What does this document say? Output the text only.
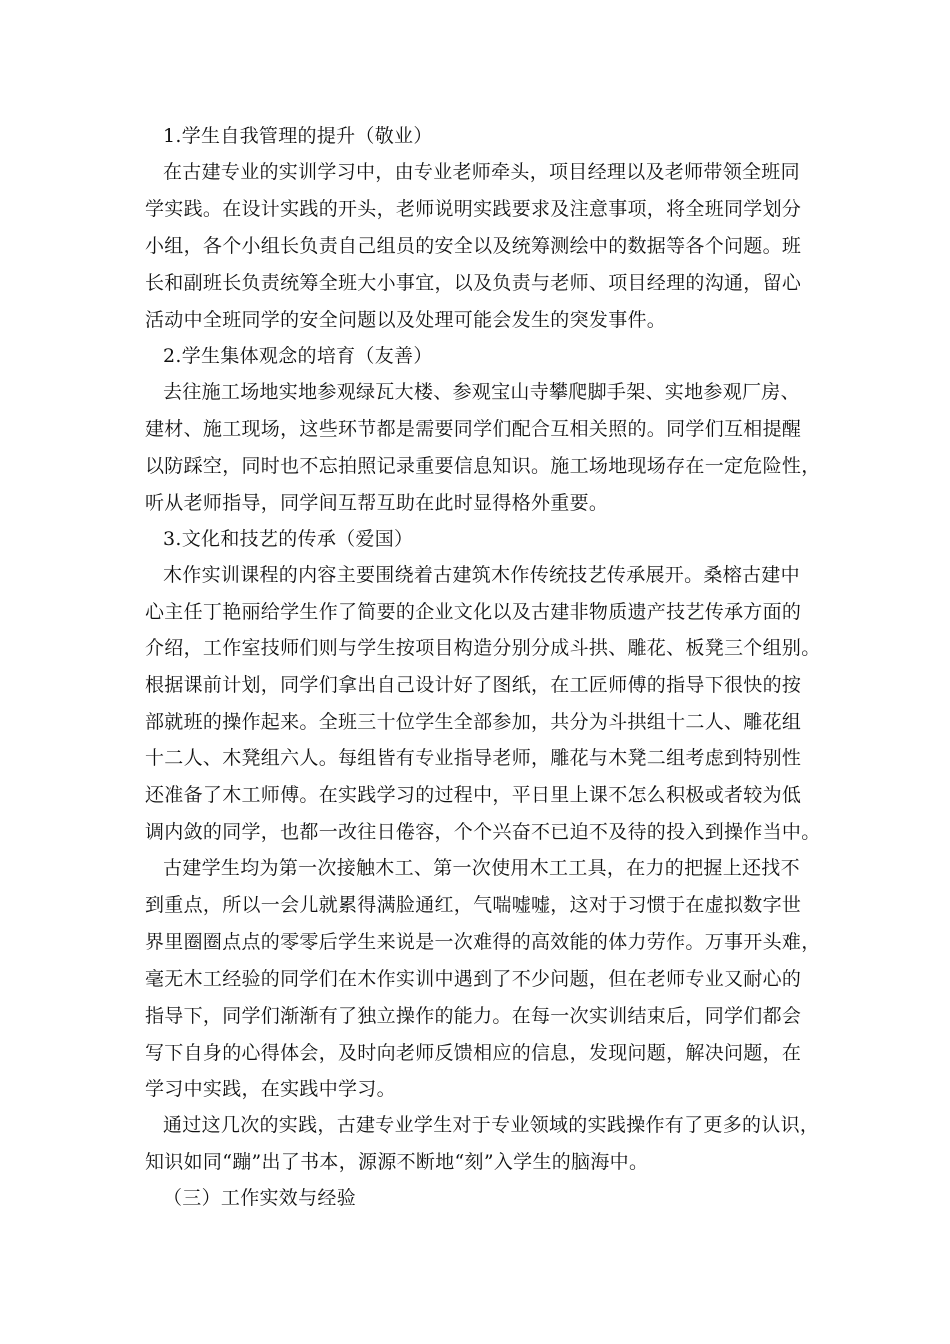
1.学生自我管理的提升（敬业）
在古建专业的实训学习中，由专业老师牵头，项目经理以及老师带领全班同
学实践。在设计实践的开头，老师说明实践要求及注意事项，将全班同学划分
小组，各个小组长负责自己组员的安全以及统筹测绘中的数据等各个问题。班
长和副班长负责统筹全班大小事宜，以及负责与老师、项目经理的沟通，留心
活动中全班同学的安全问题以及处理可能会发生的突发事件。
2.学生集体观念的培育（友善）
去往施工场地实地参观绿瓦大楼、参观宝山寺攀爬脚手架、实地参观厂房、
建材、施工现场，这些环节都是需要同学们配合互相关照的。同学们互相提醒
以防踩空，同时也不忘拍照记录重要信息知识。施工场地现场存在一定危险性，
听从老师指导，同学间互帮互助在此时显得格外重要。
3.文化和技艺的传承（爱国）
木作实训课程的内容主要围绕着古建筑木作传统技艺传承展开。桑榕古建中
心主任丁艳丽给学生作了简要的企业文化以及古建非物质遗产技艺传承方面的
介绍，工作室技师们则与学生按项目构造分别分成斗拱、雕花、板凳三个组别。
根据课前计划，同学们拿出自己设计好了图纸，在工匠师傅的指导下很快的按
部就班的操作起来。全班三十位学生全部参加，共分为斗拱组十二人、雕花组
十二人、木凳组六人。每组皆有专业指导老师，雕花与木凳二组考虑到特别性
还准备了木工师傅。在实践学习的过程中，平日里上课不怎么积极或者较为低
调内敛的同学，也都一改往日倦容，个个兴奋不已迫不及待的投入到操作当中。
古建学生均为第一次接触木工、第一次使用木工工具，在力的把握上还找不
到重点，所以一会儿就累得满脸通红，气喘嘘嘘，这对于习惯于在虚拟数字世
界里圈圈点点的零零后学生来说是一次难得的高效能的体力劳作。万事开头难，
毫无木工经验的同学们在木作实训中遇到了不少问题，但在老师专业又耐心的
指导下，同学们渐渐有了独立操作的能力。在每一次实训结束后，同学们都会
写下自身的心得体会，及时向老师反馈相应的信息，发现问题，解决问题，在
学习中实践，在实践中学习。
通过这几次的实践，古建专业学生对于专业领域的实践操作有了更多的认识，
知识如同“蹦”出了书本，源源不断地“刻”入学生的脑海中。
（三）工作实效与经验
